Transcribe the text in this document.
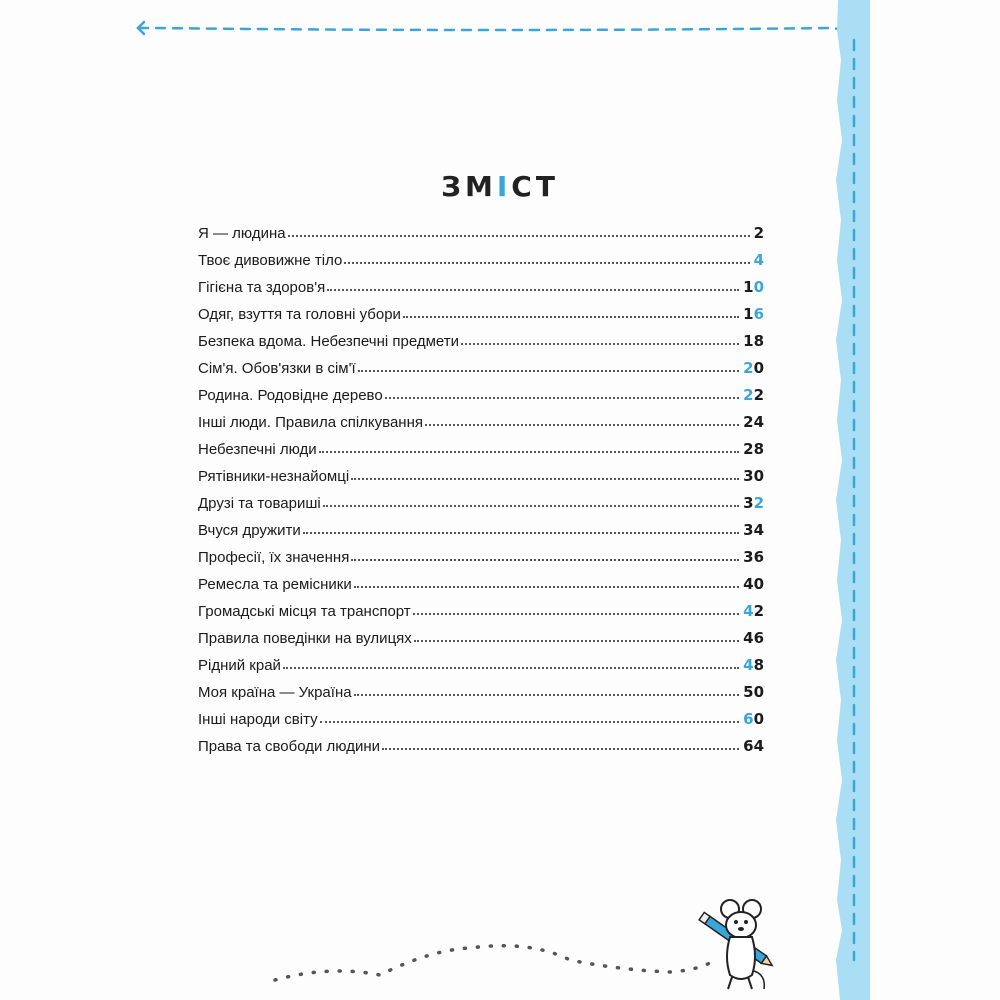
ЗМІСТ
Я — людина	2
Твоє дивовижне тіло	4
Гігієна та здоров'я	10
Одяг, взуття та головні убори	16
Безпека вдома. Небезпечні предмети	18
Сім'я. Обов'язки в сім'ї	20
Родина. Родовідне дерево	22
Інші люди. Правила спілкування	24
Небезпечні люди	28
Рятівники-незнайомці	30
Друзі та товариші	32
Вчуся дружити	34
Професії, їх значення	36
Ремесла та ремісники	40
Громадські місця та транспорт	42
Правила поведінки на вулицях	46
Рідний край	48
Моя країна — Україна	50
Інші народи світу	60
Права та свободи людини	64
